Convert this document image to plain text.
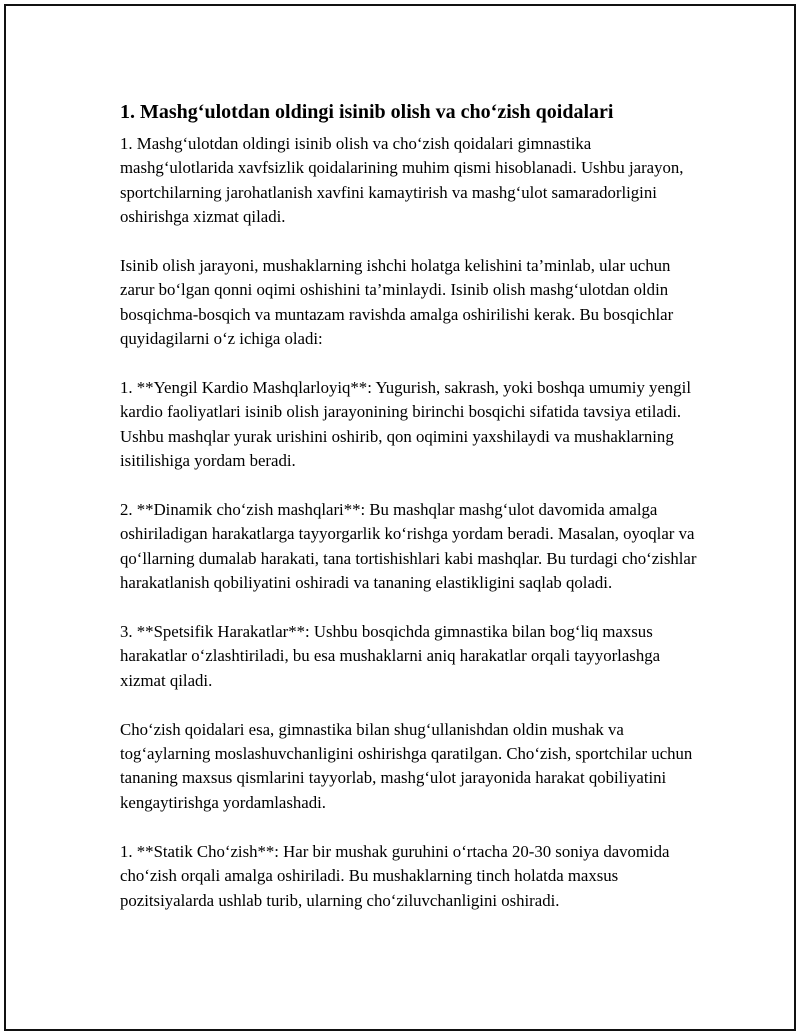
1. Mashg‘ulotdan oldingi isinib olish va cho‘zish qoidalari

1. Mashg‘ulotdan oldingi isinib olish va cho‘zish qoidalari gimnastika mashg‘ulotlarida xavfsizlik qoidalarining muhim qismi hisoblanadi. Ushbu jarayon, sportchilarning jarohatlanish xavfini kamaytirish va mashg‘ulot samaradorligini oshirishga xizmat qiladi.

Isinib olish jarayoni, mushaklarning ishchi holatga kelishini ta’minlab, ular uchun zarur bo‘lgan qonni oqimi oshishini ta’minlaydi. Isinib olish mashg‘ulotdan oldin bosqichma-bosqich va muntazam ravishda amalga oshirilishi kerak. Bu bosqichlar quyidagilarni o‘z ichiga oladi:

1. **Yengil Kardio Mashqlarloyiq**: Yugurish, sakrash, yoki boshqa umumiy yengil kardio faoliyatlari isinib olish jarayonining birinchi bosqichi sifatida tavsiya etiladi. Ushbu mashqlar yurak urishini oshirib, qon oqimini yaxshilaydi va mushaklarning isitilishiga yordam beradi.

2. **Dinamik cho‘zish mashqlari**: Bu mashqlar mashg‘ulot davomida amalga oshiriladigan harakatlarga tayyorgarlik ko‘rishga yordam beradi. Masalan, oyoqlar va qo‘llarning dumalab harakati, tana tortishishlari kabi mashqlar. Bu turdagi cho‘zishlar harakatlanish qobiliyatini oshiradi va tananing elastikligini saqlab qoladi.

3. **Spetsifik Harakatlar**: Ushbu bosqichda gimnastika bilan bog‘liq maxsus harakatlar o‘zlashtiriladi, bu esa mushaklarni aniq harakatlar orqali tayyorlashga xizmat qiladi.

Cho‘zish qoidalari esa, gimnastika bilan shug‘ullanishdan oldin mushak va tog‘aylarning moslashuvchanligini oshirishga qaratilgan. Cho‘zish, sportchilar uchun tananing maxsus qismlarini tayyorlab, mashg‘ulot jarayonida harakat qobiliyatini kengaytirishga yordamlashadi.

1. **Statik Cho‘zish**: Har bir mushak guruhini o‘rtacha 20-30 soniya davomida cho‘zish orqali amalga oshiriladi. Bu mushaklarning tinch holatda maxsus pozitsiyalarda ushlab turib, ularning cho‘ziluvchanligini oshiradi.
